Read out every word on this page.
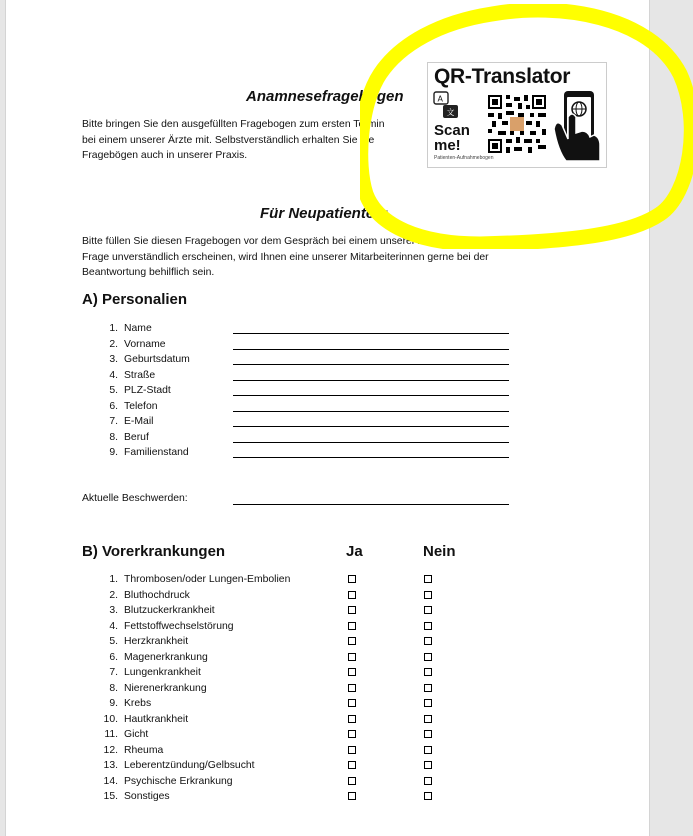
Anamnesefragebogen
Bitte bringen Sie den ausgefüllten Fragebogen zum ersten Termin
bei einem unserer Ärzte mit. Selbstverständlich erhalten Sie die
Fragebögen auch in unserer Praxis.
QR-Translator
A
文
Scan
me!
Patienten-Aufnahmebogen
Für Neupatienten:
Bitte füllen Sie diesen Fragebogen vor dem Gespräch bei einem unserer Ärzte aus. Sollte Ihnen eine
Frage unverständlich erscheinen, wird Ihnen eine unserer Mitarbeiterinnen gerne bei der
Beantwortung behilflich sein.
A) Personalien
1. Name
2. Vorname
3. Geburtsdatum
4. Straße
5. PLZ-Stadt
6. Telefon
7. E-Mail
8. Beruf
9. Familienstand
Aktuelle Beschwerden:
B) Vorerkrankungen	Ja	Nein
1. Thrombosen/oder Lungen-Embolien
2. Bluthochdruck
3. Blutzuckerkrankheit
4. Fettstoffwechselstörung
5. Herzkrankheit
6. Magenerkrankung
7. Lungenkrankheit
8. Nierenerkrankung
9. Krebs
10. Hautkrankheit
11. Gicht
12. Rheuma
13. Leberentzündung/Gelbsucht
14. Psychische Erkrankung
15. Sonstiges
